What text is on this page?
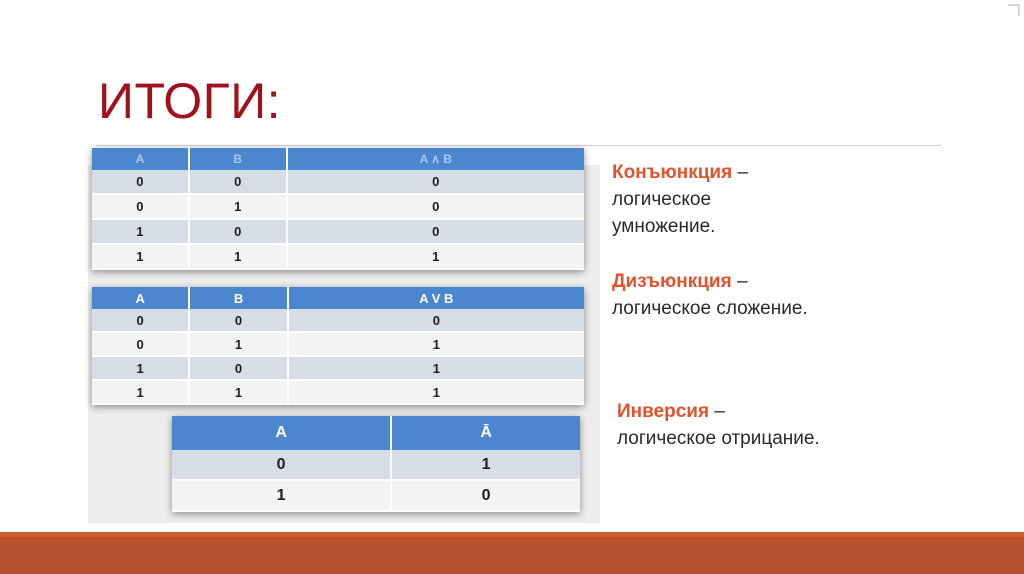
ИТОГИ:
A	B	A ∧ B
0	0	0
0	1	0
1	0	0
1	1	1
A	B	A V B
0	0	0
0	1	1
1	0	1
1	1	1
A	Ā
0	1
1	0
Конъюнкция –
логическое
умножение.
Дизъюнкция –
логическое сложение.
Инверсия –
логическое отрицание.
